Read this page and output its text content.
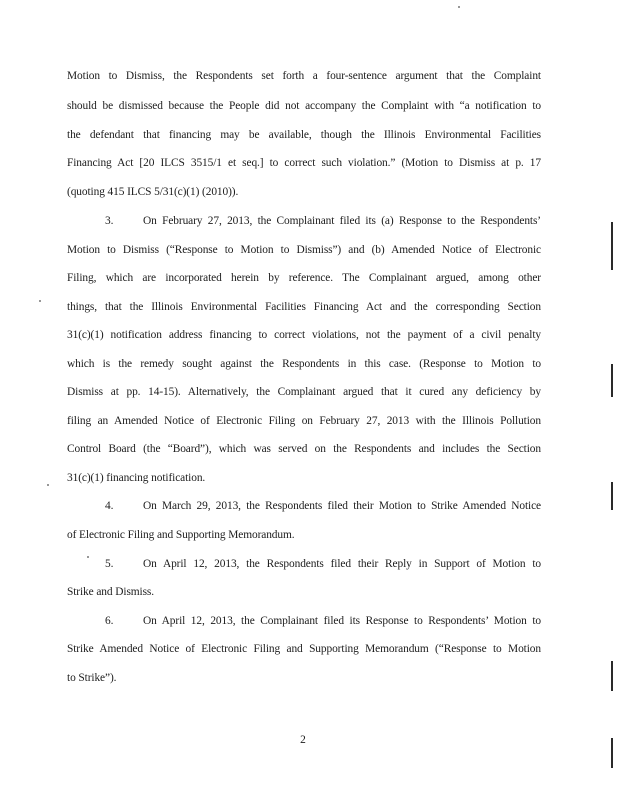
Motion to Dismiss, the Respondents set forth a four-sentence argument that the Complaint
should be dismissed because the People did not accompany the Complaint with “a notification to
the defendant that financing may be available, though the Illinois Environmental Facilities
Financing Act [20 ILCS 3515/1 et seq.] to correct such violation.” (Motion to Dismiss at p. 17
(quoting 415 ILCS 5/31(c)(1) (2010)).
3.	On February 27, 2013, the Complainant filed its (a) Response to the Respondents’
Motion to Dismiss (“Response to Motion to Dismiss”) and (b) Amended Notice of Electronic
Filing, which are incorporated herein by reference. The Complainant argued, among other
things, that the Illinois Environmental Facilities Financing Act and the corresponding Section
31(c)(1) notification address financing to correct violations, not the payment of a civil penalty
which is the remedy sought against the Respondents in this case. (Response to Motion to
Dismiss at pp. 14-15). Alternatively, the Complainant argued that it cured any deficiency by
filing an Amended Notice of Electronic Filing on February 27, 2013 with the Illinois Pollution
Control Board (the “Board”), which was served on the Respondents and includes the Section
31(c)(1) financing notification.
4.	On March 29, 2013, the Respondents filed their Motion to Strike Amended Notice
of Electronic Filing and Supporting Memorandum.
5.	On April 12, 2013, the Respondents filed their Reply in Support of Motion to
Strike and Dismiss.
6.	On April 12, 2013, the Complainant filed its Response to Respondents’ Motion to
Strike Amended Notice of Electronic Filing and Supporting Memorandum (“Response to Motion
to Strike”).
2
